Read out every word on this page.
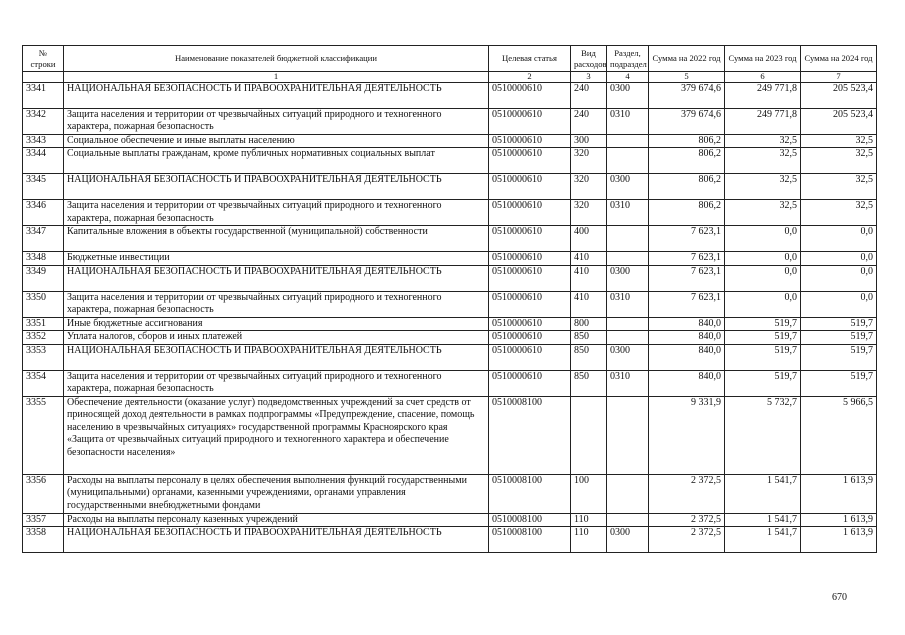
№ строки	Наименование показателей бюджетной классификации	Целевая статья	Вид расходов	Раздел, подраздел	Сумма на 2022 год	Сумма на 2023 год	Сумма на 2024 год
	1	2	3	4	5	6	7
3341	НАЦИОНАЛЬНАЯ БЕЗОПАСНОСТЬ И ПРАВООХРАНИТЕЛЬНАЯ ДЕЯТЕЛЬНОСТЬ	0510000610	240	0300	379 674,6	249 771,8	205 523,4
3342	Защита населения и территории от чрезвычайных ситуаций природного и техногенного характера, пожарная безопасность	0510000610	240	0310	379 674,6	249 771,8	205 523,4
3343	Социальное обеспечение и иные выплаты населению	0510000610	300		806,2	32,5	32,5
3344	Социальные выплаты гражданам, кроме публичных нормативных социальных выплат	0510000610	320		806,2	32,5	32,5
3345	НАЦИОНАЛЬНАЯ БЕЗОПАСНОСТЬ И ПРАВООХРАНИТЕЛЬНАЯ ДЕЯТЕЛЬНОСТЬ	0510000610	320	0300	806,2	32,5	32,5
3346	Защита населения и территории от чрезвычайных ситуаций природного и техногенного характера, пожарная безопасность	0510000610	320	0310	806,2	32,5	32,5
3347	Капитальные вложения в объекты государственной (муниципальной) собственности	0510000610	400		7 623,1	0,0	0,0
3348	Бюджетные инвестиции	0510000610	410		7 623,1	0,0	0,0
3349	НАЦИОНАЛЬНАЯ БЕЗОПАСНОСТЬ И ПРАВООХРАНИТЕЛЬНАЯ ДЕЯТЕЛЬНОСТЬ	0510000610	410	0300	7 623,1	0,0	0,0
3350	Защита населения и территории от чрезвычайных ситуаций природного и техногенного характера, пожарная безопасность	0510000610	410	0310	7 623,1	0,0	0,0
3351	Иные бюджетные ассигнования	0510000610	800		840,0	519,7	519,7
3352	Уплата налогов, сборов и иных платежей	0510000610	850		840,0	519,7	519,7
3353	НАЦИОНАЛЬНАЯ БЕЗОПАСНОСТЬ И ПРАВООХРАНИТЕЛЬНАЯ ДЕЯТЕЛЬНОСТЬ	0510000610	850	0300	840,0	519,7	519,7
3354	Защита населения и территории от чрезвычайных ситуаций природного и техногенного характера, пожарная безопасность	0510000610	850	0310	840,0	519,7	519,7
3355	Обеспечение деятельности (оказание услуг) подведомственных учреждений за счет средств от приносящей доход деятельности в рамках подпрограммы «Предупреждение, спасение, помощь населению в чрезвычайных ситуациях» государственной программы Красноярского края «Защита от чрезвычайных ситуаций природного и техногенного характера и обеспечение безопасности населения»	0510008100			9 331,9	5 732,7	5 966,5
3356	Расходы на выплаты персоналу в целях обеспечения выполнения функций государственными (муниципальными) органами, казенными учреждениями, органами управления государственными внебюджетными фондами	0510008100	100		2 372,5	1 541,7	1 613,9
3357	Расходы на выплаты персоналу казенных учреждений	0510008100	110		2 372,5	1 541,7	1 613,9
3358	НАЦИОНАЛЬНАЯ БЕЗОПАСНОСТЬ И ПРАВООХРАНИТЕЛЬНАЯ ДЕЯТЕЛЬНОСТЬ	0510008100	110	0300	2 372,5	1 541,7	1 613,9
670
